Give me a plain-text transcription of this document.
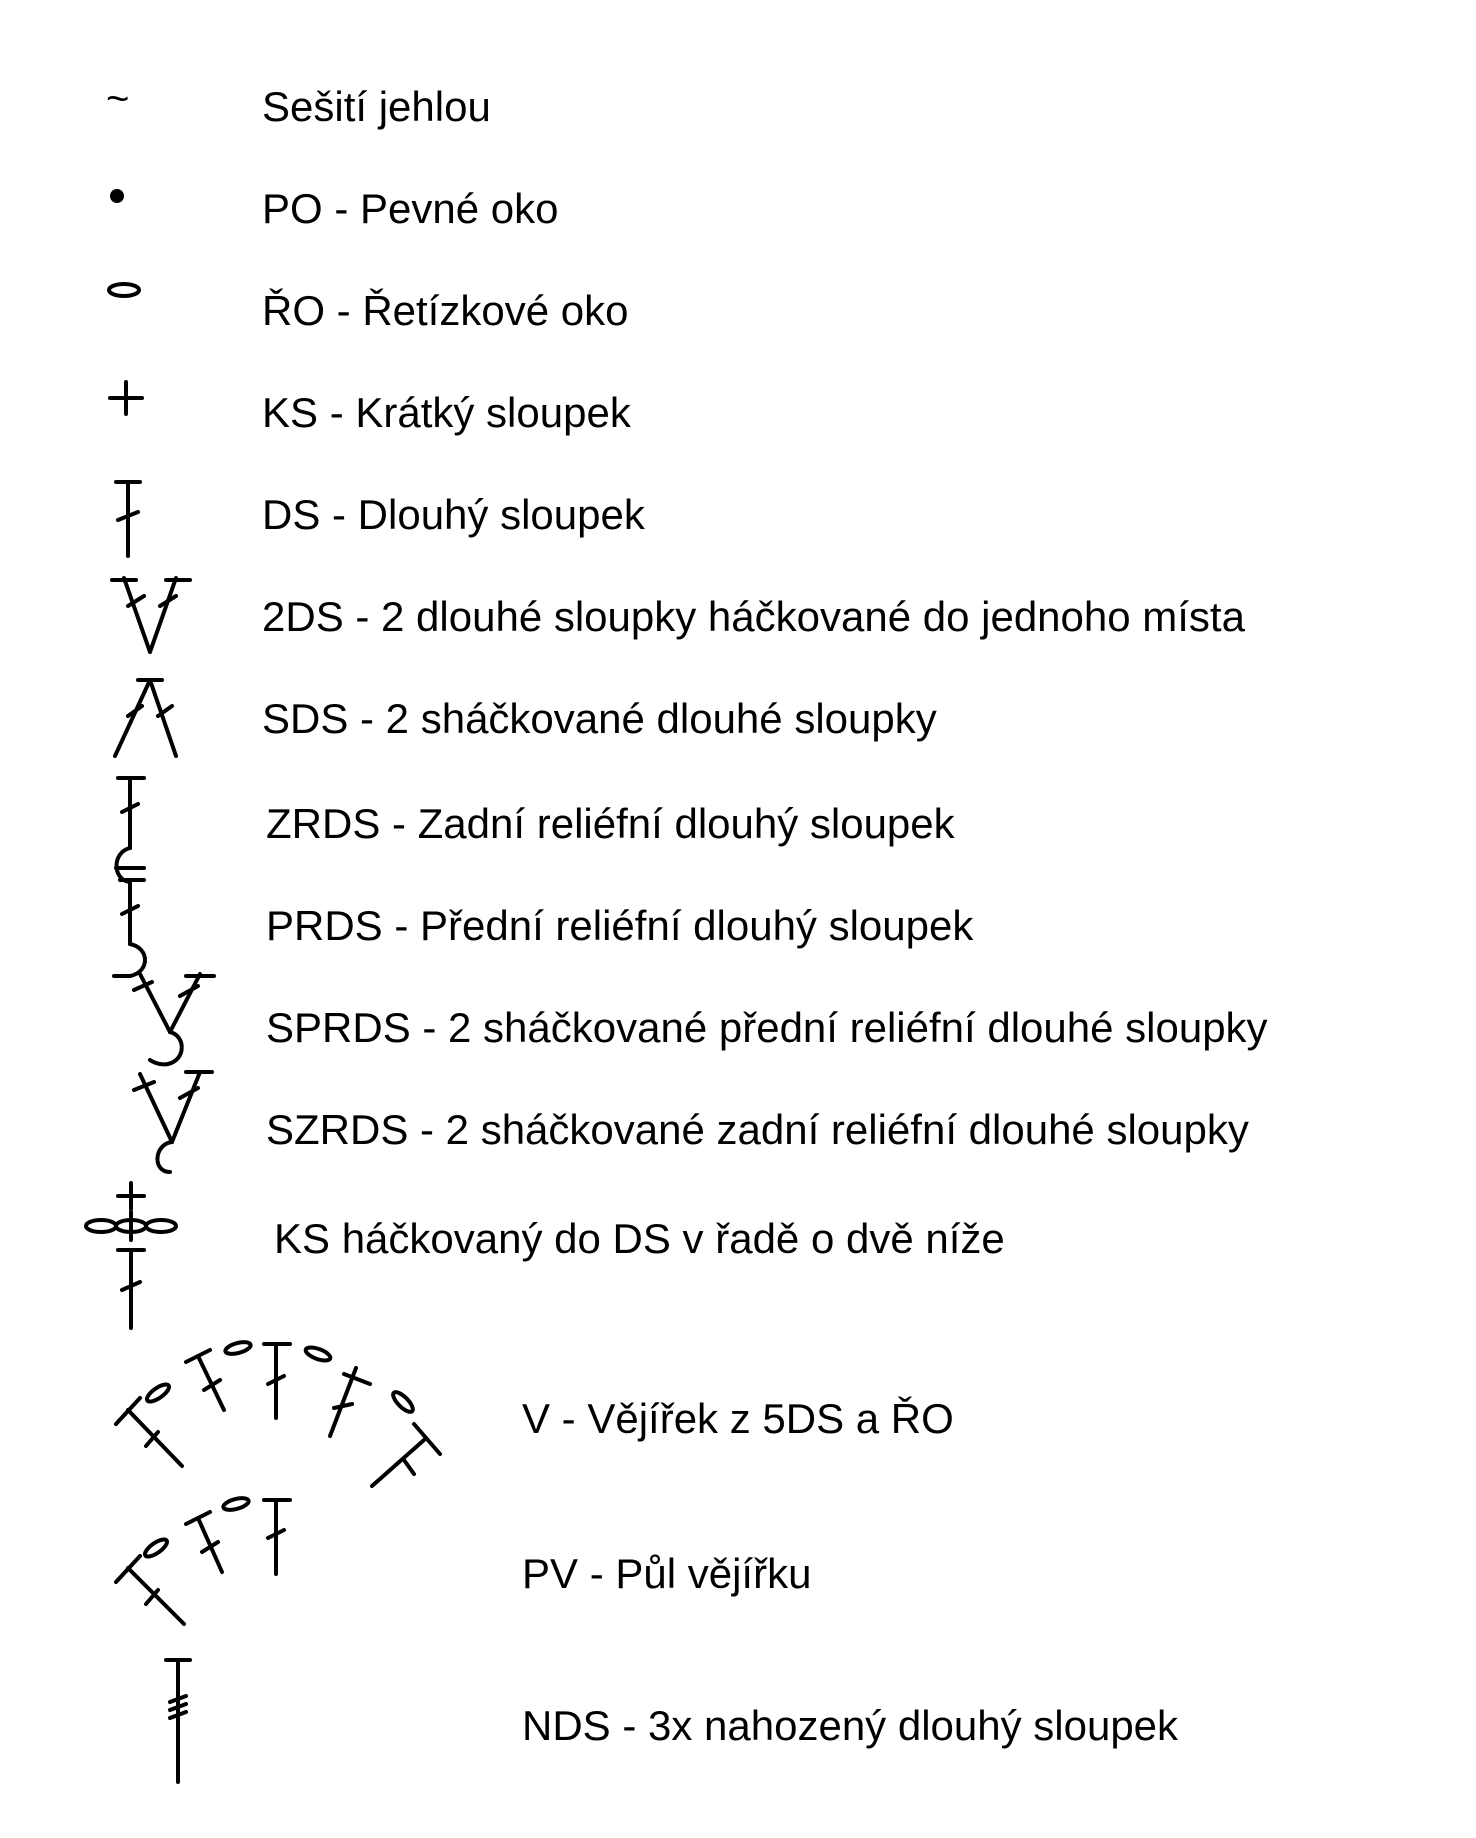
~	Sešití jehlou
PO - Pevné oko
ŘO - Řetízkové oko
KS - Krátký sloupek
DS - Dlouhý sloupek
2DS - 2 dlouhé sloupky háčkované do jednoho místa
SDS - 2 sháčkované dlouhé sloupky
ZRDS - Zadní reliéfní dlouhý sloupek
PRDS - Přední reliéfní dlouhý sloupek
SPRDS - 2 sháčkované přední reliéfní dlouhé sloupky
SZRDS - 2 sháčkované zadní reliéfní dlouhé sloupky
KS háčkovaný do DS v řadě o dvě níže
V - Vějířek z 5DS a ŘO
PV - Půl vějířku
NDS - 3x nahozený dlouhý sloupek
